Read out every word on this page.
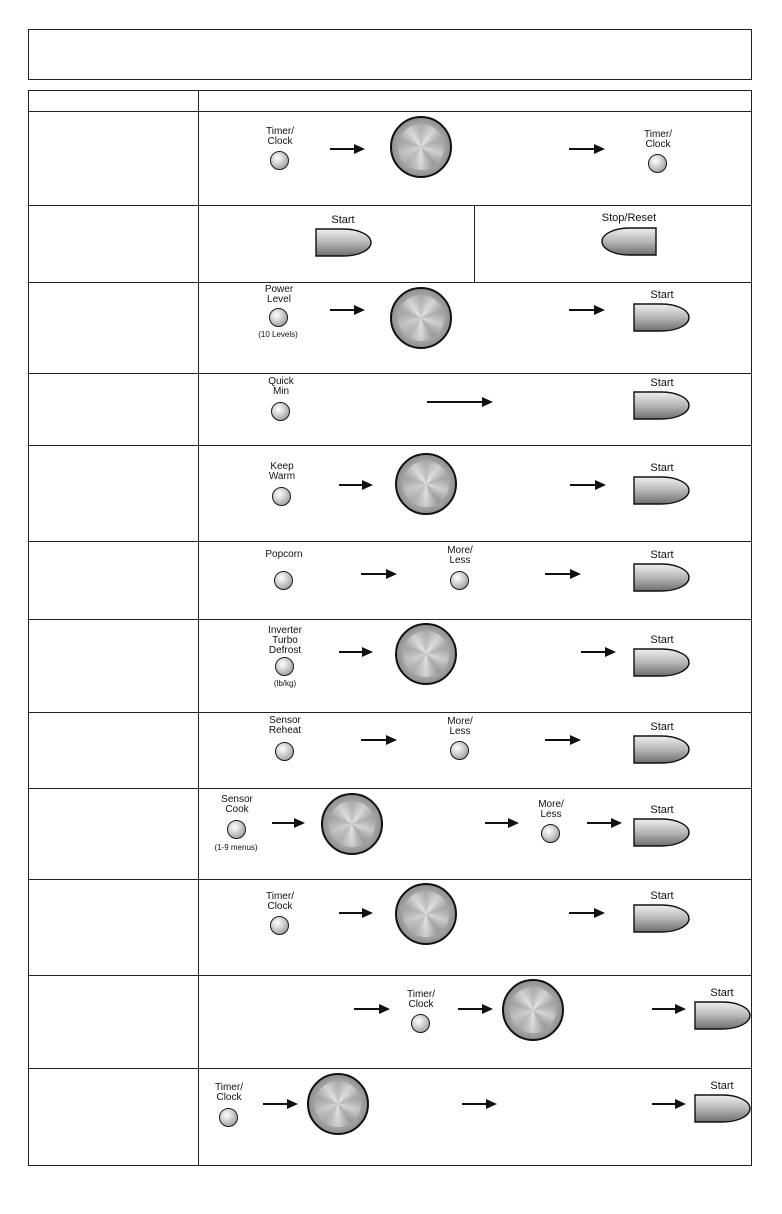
Timer/
Clock
Timer/
Clock
Start	Stop/Reset
Power
Level
(10 Levels)
Start
Quick
Min
Start
Keep
Warm
Start
Popcorn	More/
Less	Start
Inverter
Turbo
Defrost
(lb/kg)
Start
Sensor
Reheat
More/
Less	Start
Sensor
Cook
(1-9 menus)
More/
Less	Start
Timer/
Clock
Start
Timer/
Clock
Start
Timer/
Clock
Start
